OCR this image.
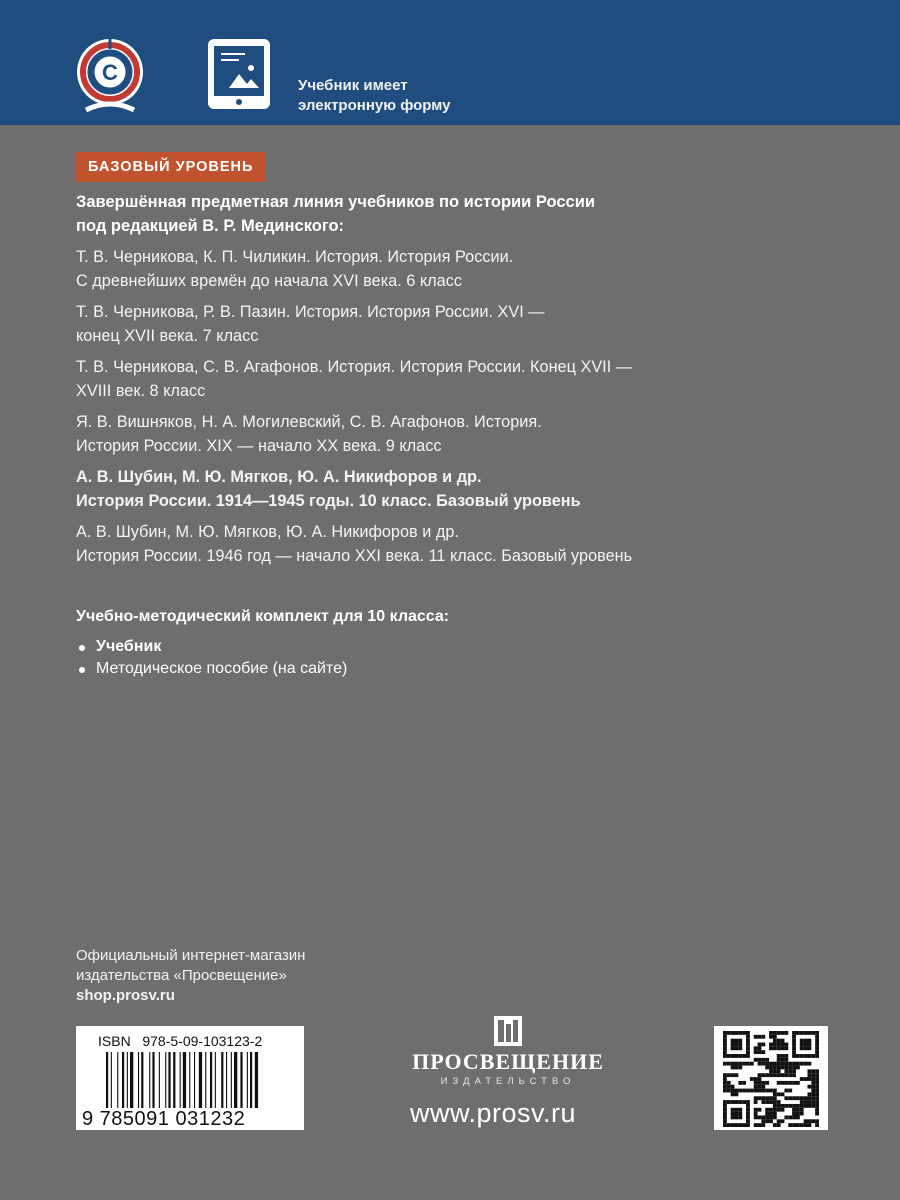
С
Учебник имеет
электронную форму
БАЗОВЫЙ УРОВЕНЬ
Завершённая предметная линия учебников по истории России
под редакцией В. Р. Мединского:
Т. В. Черникова, К. П. Чиликин. История. История России.
С древнейших времён до начала XVI века. 6 класс
Т. В. Черникова, Р. В. Пазин. История. История России. XVI —
конец XVII века. 7 класс
Т. В. Черникова, С. В. Агафонов. История. История России. Конец XVII —
XVIII век. 8 класс
Я. В. Вишняков, Н. А. Могилевский, С. В. Агафонов. История.
История России. XIX — начало XX века. 9 класс
А. В. Шубин, М. Ю. Мягков, Ю. А. Никифоров и др.
История России. 1914—1945 годы. 10 класс. Базовый уровень
А. В. Шубин, М. Ю. Мягков, Ю. А. Никифоров и др.
История России. 1946 год — начало XXI века. 11 класс. Базовый уровень
Учебно-методический комплект для 10 класса:
Учебник
Методическое пособие (на сайте)
Официальный интернет-магазин
издательства «Просвещение»
shop.prosv.ru
ISBN 978-5-09-103123-2
9 785091 031232
ПРОСВЕЩЕНИЕ
ИЗДАТЕЛЬСТВО
www.prosv.ru
